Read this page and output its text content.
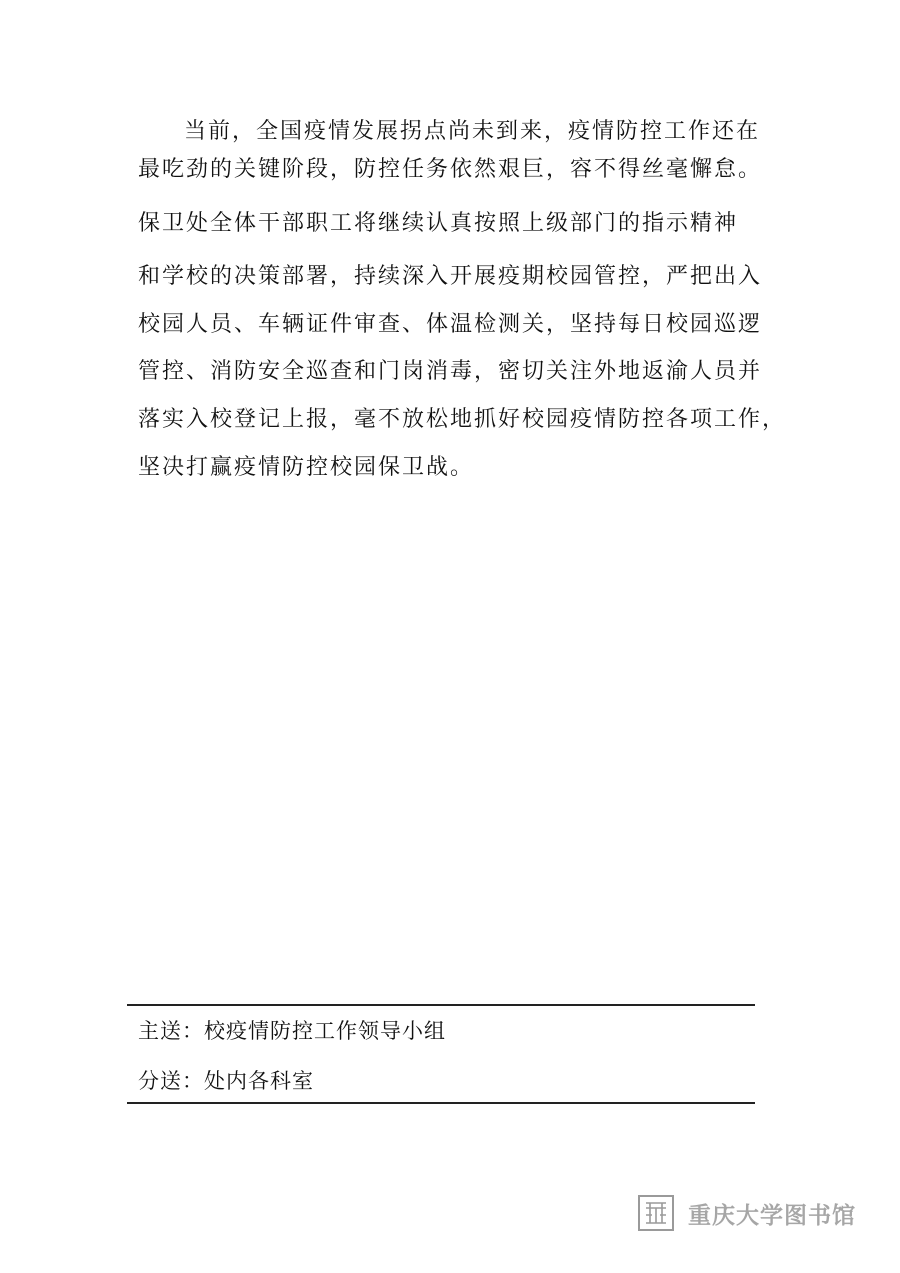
当前，全国疫情发展拐点尚未到来，疫情防控工作还在
最吃劲的关键阶段，防控任务依然艰巨，容不得丝毫懈怠。
保卫处全体干部职工将继续认真按照上级部门的指示精神
和学校的决策部署，持续深入开展疫期校园管控，严把出入
校园人员、车辆证件审查、体温检测关，坚持每日校园巡逻
管控、消防安全巡查和门岗消毒，密切关注外地返渝人员并
落实入校登记上报，毫不放松地抓好校园疫情防控各项工作，
坚决打赢疫情防控校园保卫战。
主送：校疫情防控工作领导小组
分送：处内各科室
重庆大学图书馆
